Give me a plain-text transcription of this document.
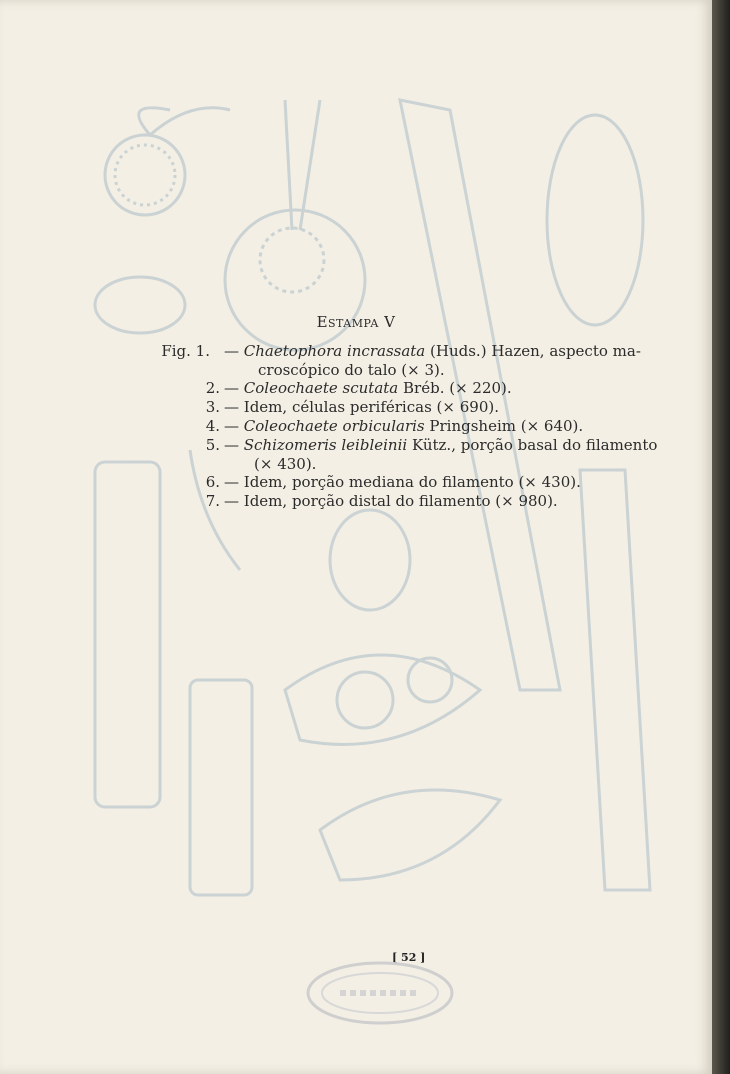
Estampa V
Fig. 1. — Chaetophora incrassata (Huds.) Hazen, aspecto ma-
croscópico do talo (× 3).
2. — Coleochaete scutata Bréb. (× 220).
3. — Idem, células periféricas (× 690).
4. — Coleochaete orbicularis Pringsheim (× 640).
5. — Schizomeris leibleinii Kütz., porção basal do filamento
(× 430).
6. — Idem, porção mediana do filamento (× 430).
7. — Idem, porção distal do filamento (× 980).
[ 52 ]
